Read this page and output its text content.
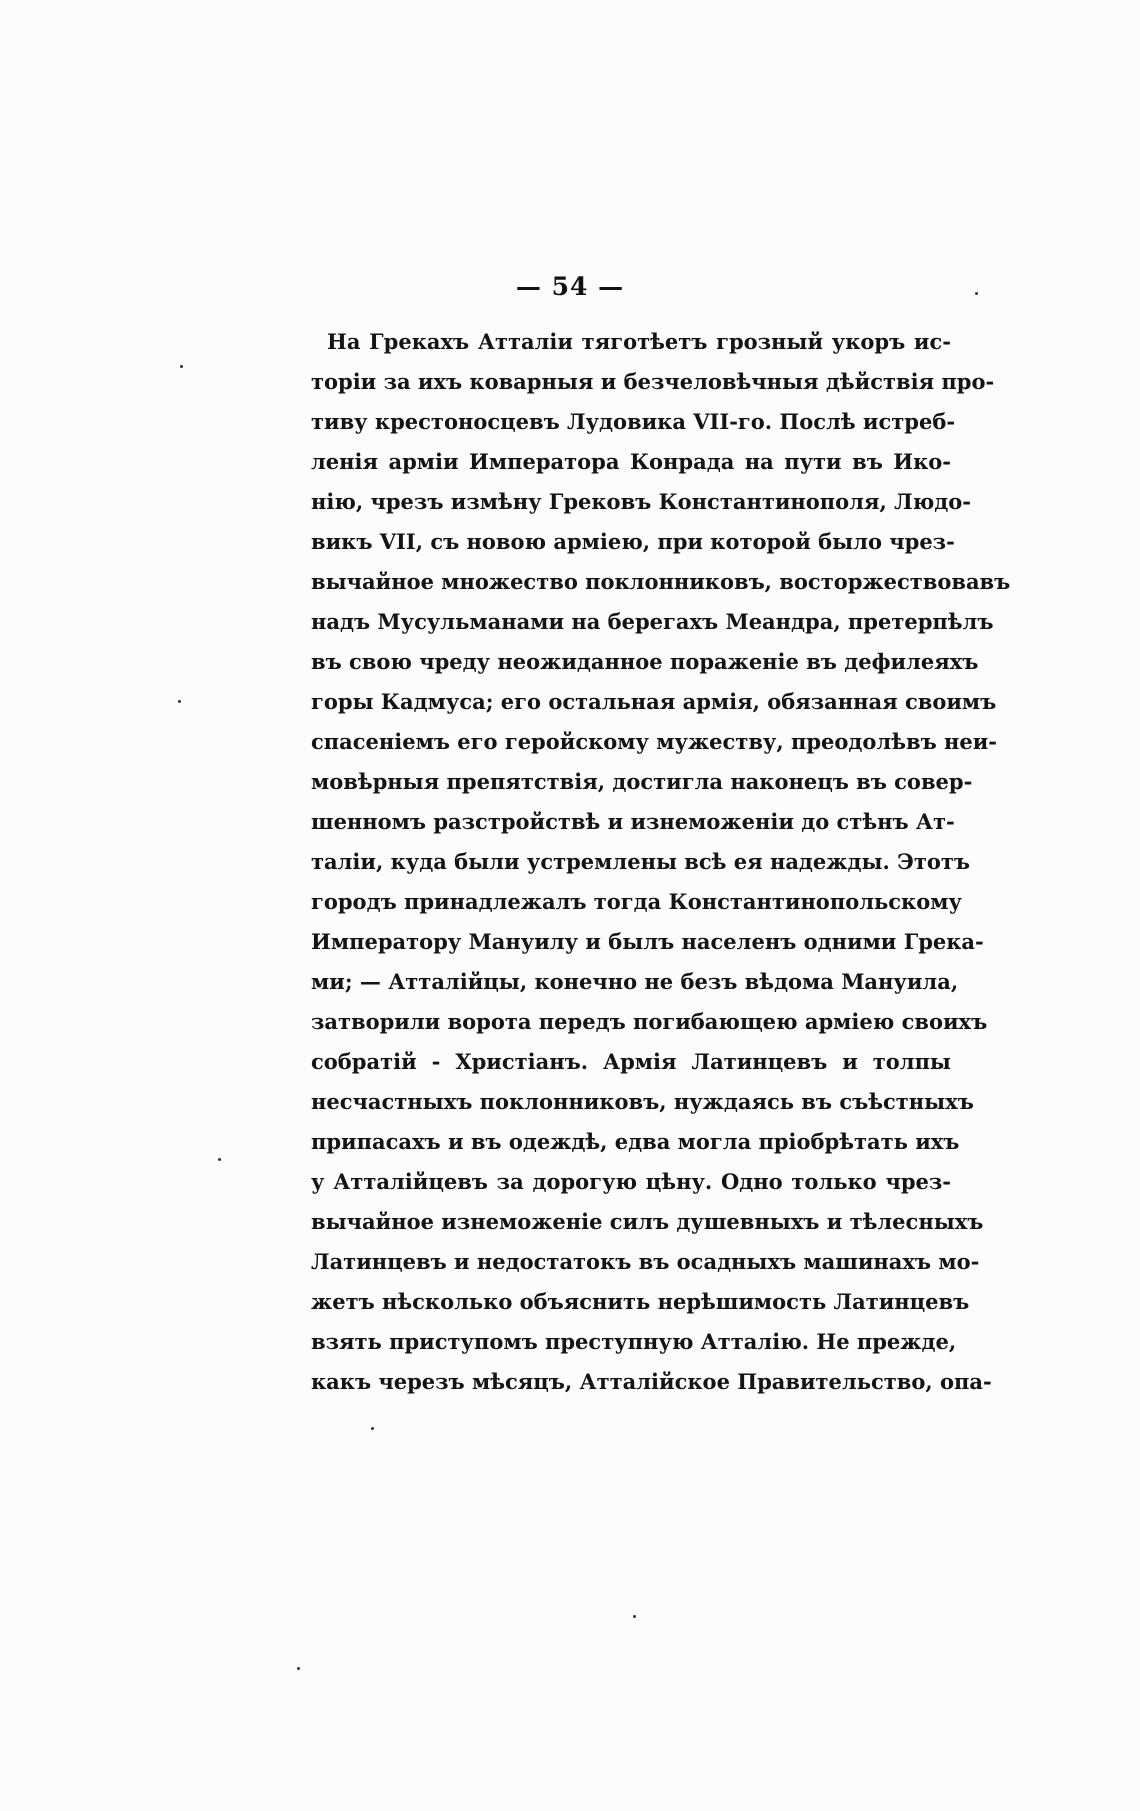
— 54 —
На Грекахъ Атталіи тяготѣетъ грозный укоръ ис-
торіи за ихъ коварныя и безчеловѣчныя дѣйствія про-
тиву крестоносцевъ Лудовика VII-го. Послѣ истреб-
ленія арміи Императора Конрада на пути въ Ико-
нію, чрезъ измѣну Грековъ Константинополя, Людо-
викъ VII, съ новою арміею, при которой было чрез-
вычайное множество поклонниковъ, восторжествовавъ
надъ Мусульманами на берегахъ Меандра, претерпѣлъ
въ свою чреду неожиданное пораженіе въ дефилеяхъ
горы Кадмуса; его остальная армія, обязанная своимъ
спасеніемъ его геройскому мужеству, преодолѣвъ неи-
мовѣрныя препятствія, достигла наконецъ въ совер-
шенномъ разстройствѣ и изнеможеніи до стѣнъ Ат-
таліи, куда были устремлены всѣ ея надежды. Этотъ
городъ принадлежалъ тогда Константинопольскому
Императору Мануилу и былъ населенъ одними Грека-
ми; — Атталійцы, конечно не безъ вѣдома Мануила,
затворили ворота передъ погибающею арміею своихъ
собратій - Христіанъ. Армія Латинцевъ и толпы
несчастныхъ поклонниковъ, нуждаясь въ съѣстныхъ
припасахъ и въ одеждѣ, едва могла пріобрѣтать ихъ
у Атталійцевъ за дорогую цѣну. Одно только чрез-
вычайное изнеможеніе силъ душевныхъ и тѣлесныхъ
Латинцевъ и недостатокъ въ осадныхъ машинахъ мо-
жетъ нѣсколько объяснить нерѣшимость Латинцевъ
взять приступомъ преступную Атталію. Не прежде,
какъ черезъ мѣсяцъ, Атталійское Правительство, опа-
